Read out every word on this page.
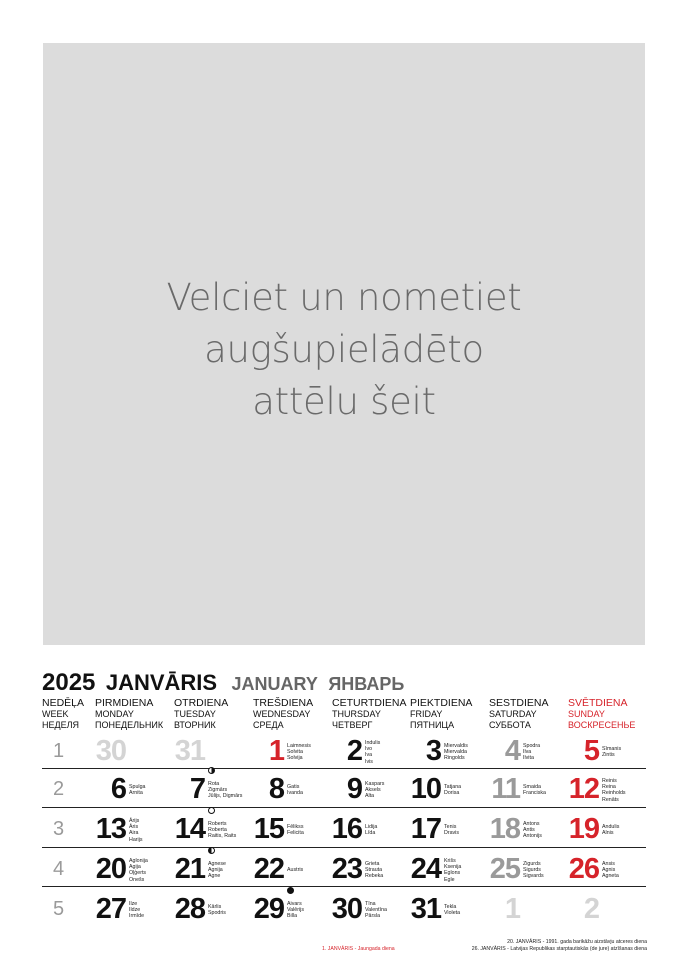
Velciet un nometiet
augšupielādēto
attēlu šeit
2025 JANVĀRIS JANUARY ЯНВАРЬ
NEDĒĻA
WEEK
НЕДЕЛЯ
PIRMDIENA
MONDAY
ПОНЕДЕЛЬНИК
OTRDIENA
TUESDAY
ВТОРНИК
TREŠDIENA
WEDNESDAY
СРЕДА
CETURTDIENA
THURSDAY
ЧЕТВЕРГ
PIEKTDIENA
FRIDAY
ПЯТНИЦА
SESTDIENA
SATURDAY
СУББОТА
SVĒTDIENA
SUNDAY
ВОСКРЕСЕНЬЕ
1 30 31 1 Laimnesis
Solvita
Solvija 2 Indulis
Ivo
Iva
Ivis 3 Miervaldis
Miervalda
Ringolds 4 Spodra
Ilva
Ilvita 5 Sīmanis
Zintis
2 6 Spulga
Arnita 7 Rota
Zigmārs
Jūlijs, Digmārs 8 Gatis
Ivanda 9 Kaspars
Aksels
Alta	10 Tatjana
Dorisa 11 Smaida
Franciska 12 Reinis
Reina
Reinholds
Renāts
3 13 Ārijs
Āris
Aira
Harijs 14 Roberts
Roberta
Raitis, Raits 15 Fēlikss
Felicita 16 Lidija
Līda 17 Tenis
Dravis 18 Antons
Antis
Antonijs 19 Andulis
Alnis
4 20 Aglonija
Agija
Oļģerts
Onešs 21 Agnese
Agnija
Agne 22 Austris 23 Grieta
Strauta
Rebeka 24 Krišs
Ksenija
Eglons
Egle 25 Zigurds
Sigurds
Sigvards 26 Ansis
Agnis
Agneta
5 27 Ilze
Ildze
Irmīde 28 Kārlis
Spodris 29 Aivars
Valērijs
Billa 30 Tīna
Valentīna
Pārsla 31 Tekla
Violeta 1 2
1. JANVĀRIS - Jaungada diena
20. JANVĀRIS - 1991. gada barikāžu aizstāvju atceres diena
26. JANVĀRIS - Latvijas Republikas starptautiskās (de jure) atzīšanas diena
